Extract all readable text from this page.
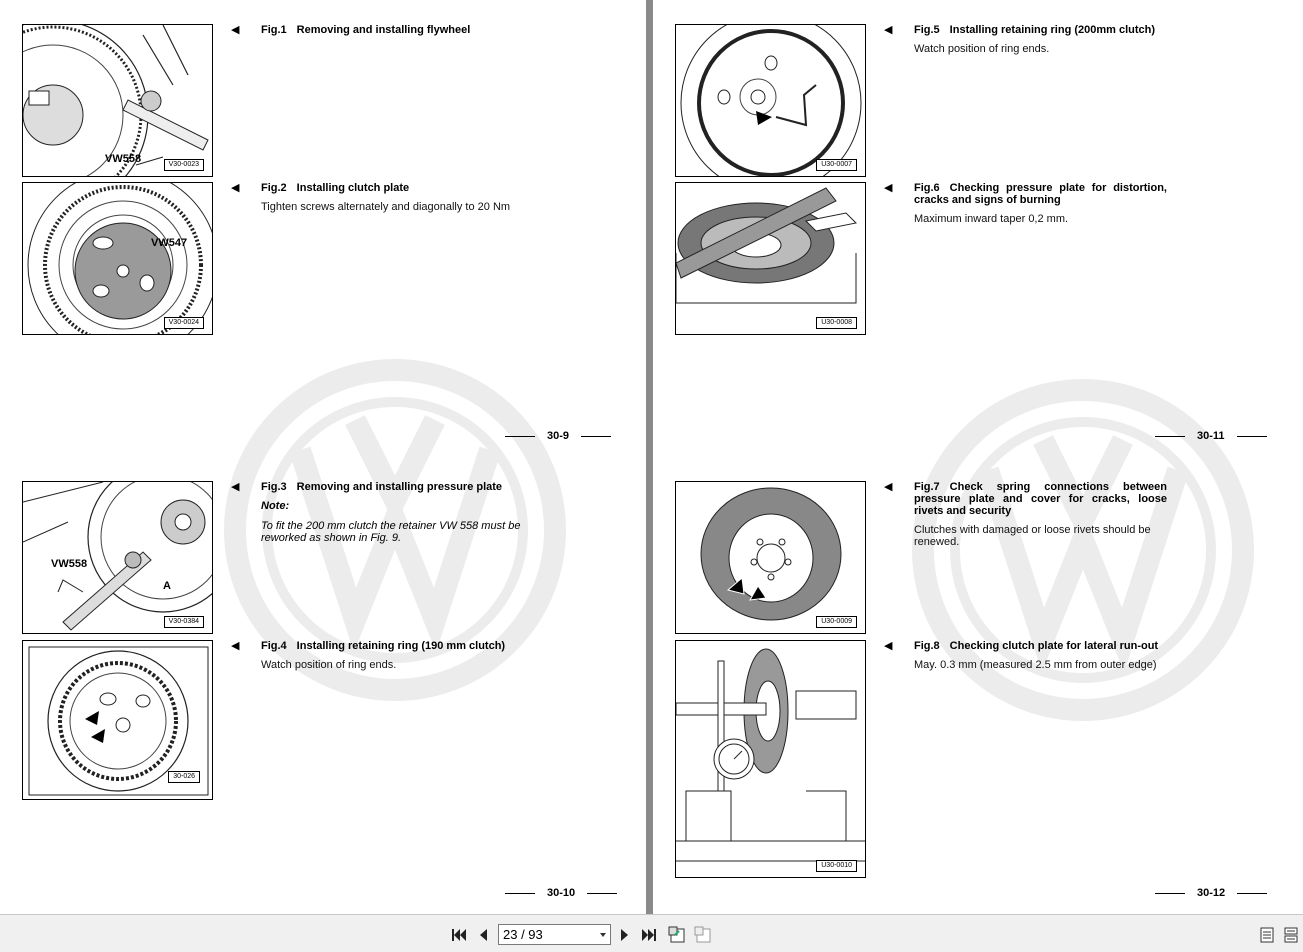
VW558	V30-0023
◀ Fig.1 Removing and installing flywheel
VW547
V30-0024
◀ Fig.2 Installing clutch plate
Tighten screws alternately and diagonally to 20 Nm
30-9
VW558
A
V30-0384
◀ Fig.3 Removing and installing pressure plate
Note:
To fit the 200 mm clutch the retainer VW 558 must be reworked as shown in Fig. 9.
30-026
◀ Fig.4 Installing retaining ring (190 mm clutch)
Watch position of ring ends.
30-10
U30-0007
◀ Fig.5 Installing retaining ring (200mm clutch)
Watch position of ring ends.
U30-0008
◀ Fig.6 Checking pressure plate for distortion, cracks and signs of burning
Maximum inward taper 0,2 mm.
30-11
U30-0009
◀ Fig.7 Check spring connections between pressure plate and cover for cracks, loose rivets and security
Clutches with damaged or loose rivets should be renewed.
U30-0010
◀ Fig.8 Checking clutch plate for lateral run-out
May. 0.3 mm (measured 2.5 mm from outer edge)
30-12
23 / 93
